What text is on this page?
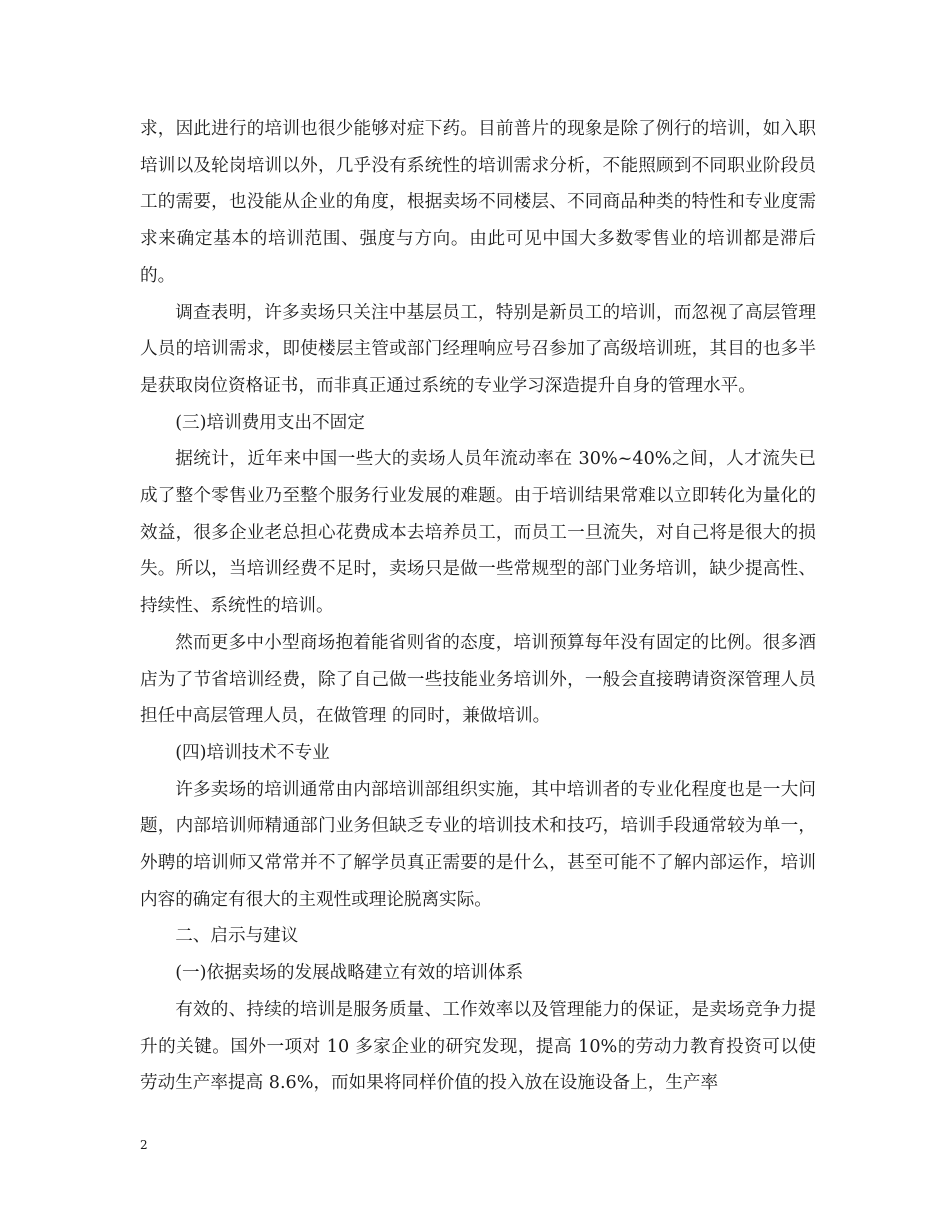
求，因此进行的培训也很少能够对症下药。目前普片的现象是除了例行的培训，如入职培训以及轮岗培训以外，几乎没有系统性的培训需求分析，不能照顾到不同职业阶段员工的需要，也没能从企业的角度，根据卖场不同楼层、不同商品种类的特性和专业度需求来确定基本的培训范围、强度与方向。由此可见中国大多数零售业的培训都是滞后的。

调查表明，许多卖场只关注中基层员工，特别是新员工的培训，而忽视了高层管理人员的培训需求，即使楼层主管或部门经理响应号召参加了高级培训班，其目的也多半是获取岗位资格证书，而非真正通过系统的专业学习深造提升自身的管理水平。

(三)培训费用支出不固定

据统计，近年来中国一些大的卖场人员年流动率在 30%~40%之间，人才流失已成了整个零售业乃至整个服务行业发展的难题。由于培训结果常难以立即转化为量化的效益，很多企业老总担心花费成本去培养员工，而员工一旦流失，对自己将是很大的损失。所以，当培训经费不足时，卖场只是做一些常规型的部门业务培训，缺少提高性、持续性、系统性的培训。

然而更多中小型商场抱着能省则省的态度，培训预算每年没有固定的比例。很多酒店为了节省培训经费，除了自己做一些技能业务培训外，一般会直接聘请资深管理人员担任中高层管理人员，在做管理 的同时，兼做培训。

(四)培训技术不专业

许多卖场的培训通常由内部培训部组织实施，其中培训者的专业化程度也是一大问题，内部培训师精通部门业务但缺乏专业的培训技术和技巧，培训手段通常较为单一，外聘的培训师又常常并不了解学员真正需要的是什么，甚至可能不了解内部运作，培训内容的确定有很大的主观性或理论脱离实际。

二、启示与建议

(一)依据卖场的发展战略建立有效的培训体系

有效的、持续的培训是服务质量、工作效率以及管理能力的保证，是卖场竞争力提升的关键。国外一项对 10 多家企业的研究发现，提高 10%的劳动力教育投资可以使劳动生产率提高 8.6%，而如果将同样价值的投入放在设施设备上，生产率

2
